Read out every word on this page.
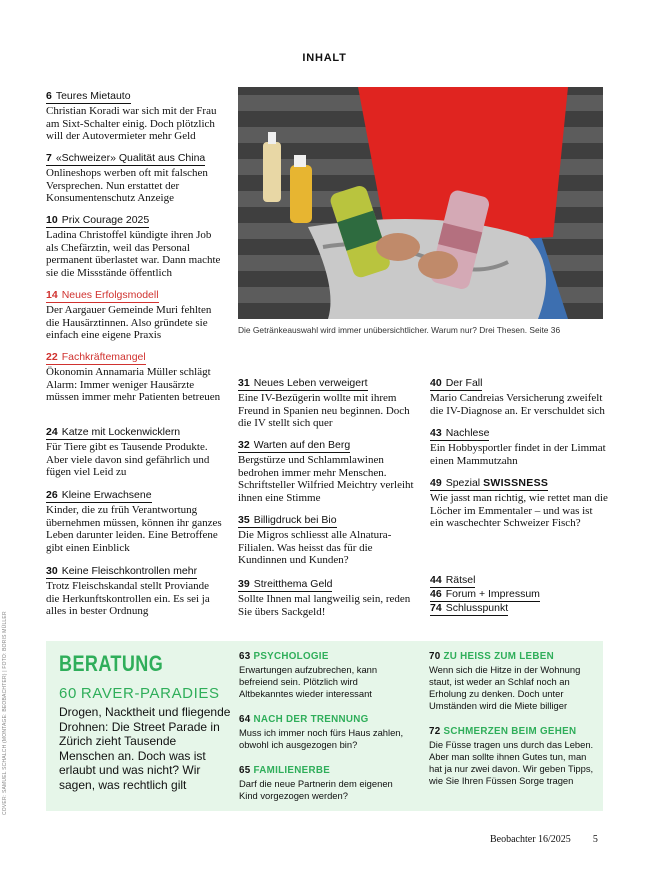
INHALT
6 Teures Mietauto
Christian Koradi war sich mit der Frau am Sixt-Schalter einig. Doch plötzlich will der Autovermieter mehr Geld
7 «Schweizer» Qualität aus China
Onlineshops werben oft mit falschen Versprechen. Nun erstattet der Konsumentenschutz Anzeige
10 Prix Courage 2025
Ladina Christoffel kündigte ihren Job als Chefärztin, weil das Personal permanent überlastet war. Dann machte sie die Missstände öffentlich
14 Neues Erfolgsmodell
Der Aargauer Gemeinde Muri fehlten die Hausärztinnen. Also gründete sie einfach eine eigene Praxis
22 Fachkräftemangel
Ökonomin Annamaria Müller schlägt Alarm: Immer weniger Hausärzte müssen immer mehr Patienten betreuen
24 Katze mit Lockenwicklern
Für Tiere gibt es Tausende Produkte. Aber viele davon sind gefährlich und fügen viel Leid zu
26 Kleine Erwachsene
Kinder, die zu früh Verantwortung übernehmen müssen, können ihr ganzes Leben darunter leiden. Eine Betroffene gibt einen Einblick
30 Keine Fleischkontrollen mehr
Trotz Fleischskandal stellt Proviande die Herkunftskontrollen ein. Es sei ja alles in bester Ordnung
Die Getränkeauswahl wird immer unübersichtlicher. Warum nur? Drei Thesen. Seite 36
31 Neues Leben verweigert
Eine IV-Bezügerin wollte mit ihrem Freund in Spanien neu beginnen. Doch die IV stellt sich quer
32 Warten auf den Berg
Bergstürze und Schlammlawinen bedrohen immer mehr Menschen. Schriftsteller Wilfried Meichtry verleiht ihnen eine Stimme
35 Billigdruck bei Bio
Die Migros schliesst alle Alnatura-Filialen. Was heisst das für die Kundinnen und Kunden?
39 Streitthema Geld
Sollte Ihnen mal langweilig sein, reden Sie übers Sackgeld!
40 Der Fall
Mario Candreias Versicherung zweifelt die IV-Diagnose an. Er verschuldet sich
43 Nachlese
Ein Hobbysportler findet in der Limmat einen Mammutzahn
49 Spezial SWISSNESS
Wie jasst man richtig, wie rettet man die Löcher im Emmentaler – und was ist ein waschechter Schweizer Fisch?
44 Rätsel
46 Forum + Impressum
74 Schlusspunkt
BERATUNG
60 RAVER-PARADIES
Drogen, Nacktheit und fliegende Drohnen: Die Street Parade in Zürich zieht Tausende Menschen an. Doch was ist erlaubt und was nicht? Wir sagen, was rechtlich gilt
63 PSYCHOLOGIE
Erwartungen aufzubrechen, kann befreiend sein. Plötzlich wird Altbekanntes wieder interessant
64 NACH DER TRENNUNG
Muss ich immer noch fürs Haus zahlen, obwohl ich ausgezogen bin?
65 FAMILIENERBE
Darf die neue Partnerin dem eigenen Kind vorgezogen werden?
70 ZU HEISS ZUM LEBEN
Wenn sich die Hitze in der Wohnung staut, ist weder an Schlaf noch an Erholung zu denken. Doch unter Umständen wird die Miete billiger
72 SCHMERZEN BEIM GEHEN
Die Füsse tragen uns durch das Leben. Aber man sollte ihnen Gutes tun, man hat ja nur zwei davon. Wir geben Tipps, wie Sie Ihren Füssen Sorge tragen
COVER: SAMUEL SCHALCH (MONTAGE: BEOBACHTER) | FOTO: BORIS MÜLLER
Beobachter 16/2025 5
